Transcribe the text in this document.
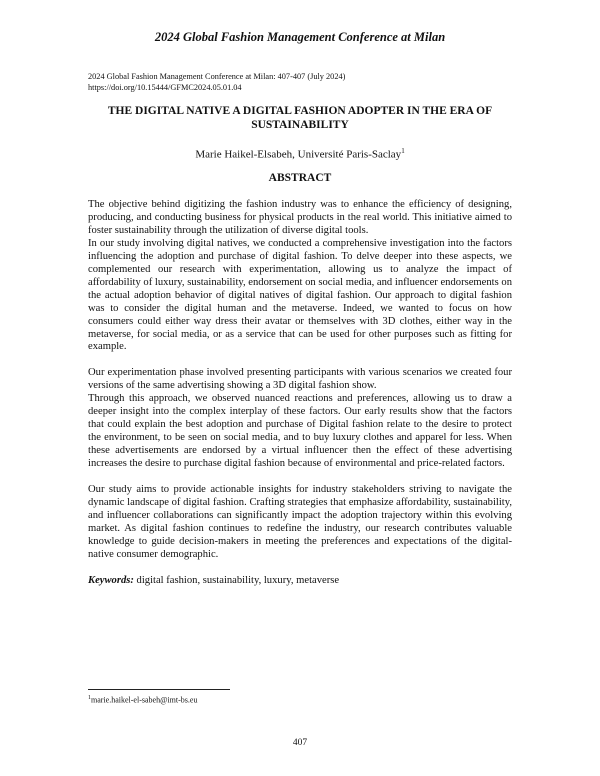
2024 Global Fashion Management Conference at Milan
2024 Global Fashion Management Conference at Milan: 407-407 (July 2024)
https://doi.org/10.15444/GFMC2024.05.01.04
THE DIGITAL NATIVE A DIGITAL FASHION ADOPTER IN THE ERA OF SUSTAINABILITY
Marie Haikel-Elsabeh, Université Paris-Saclay$^1$
ABSTRACT

The objective behind digitizing the fashion industry was to enhance the efficiency of designing, producing, and conducting business for physical products in the real world. This initiative aimed to foster sustainability through the utilization of diverse digital tools.

In our study involving digital natives, we conducted a comprehensive investigation into the factors influencing the adoption and purchase of digital fashion. To delve deeper into these aspects, we complemented our research with experimentation, allowing us to analyze the impact of affordability of luxury, sustainability, endorsement on social media, and influencer endorsements on the actual adoption behavior of digital natives of digital fashion. Our approach to digital fashion was to consider the digital human and the metaverse. Indeed, we wanted to focus on how consumers could either way dress their avatar or themselves with 3D clothes, either way in the metaverse, for social media, or as a service that can be used for other purposes such as fitting for example.

Our experimentation phase involved presenting participants with various scenarios we created four versions of the same advertising showing a 3D digital fashion show.

Through this approach, we observed nuanced reactions and preferences, allowing us to draw a deeper insight into the complex interplay of these factors. Our early results show that the factors that could explain the best adoption and purchase of Digital fashion relate to the desire to protect the environment, to be seen on social media, and to buy luxury clothes and apparel for less. When these advertisements are endorsed by a virtual influencer then the effect of these advertising increases the desire to purchase digital fashion because of environmental and price-related factors.

Our study aims to provide actionable insights for industry stakeholders striving to navigate the dynamic landscape of digital fashion. Crafting strategies that emphasize affordability, sustainability, and influencer collaborations can significantly impact the adoption trajectory within this evolving market. As digital fashion continues to redefine the industry, our research contributes valuable knowledge to guide decision-makers in meeting the preferences and expectations of the digital-native consumer demographic.

Keywords: digital fashion, sustainability, luxury, metaverse

$^1$marie.haikel-el-sabeh@imt-bs.eu
407
